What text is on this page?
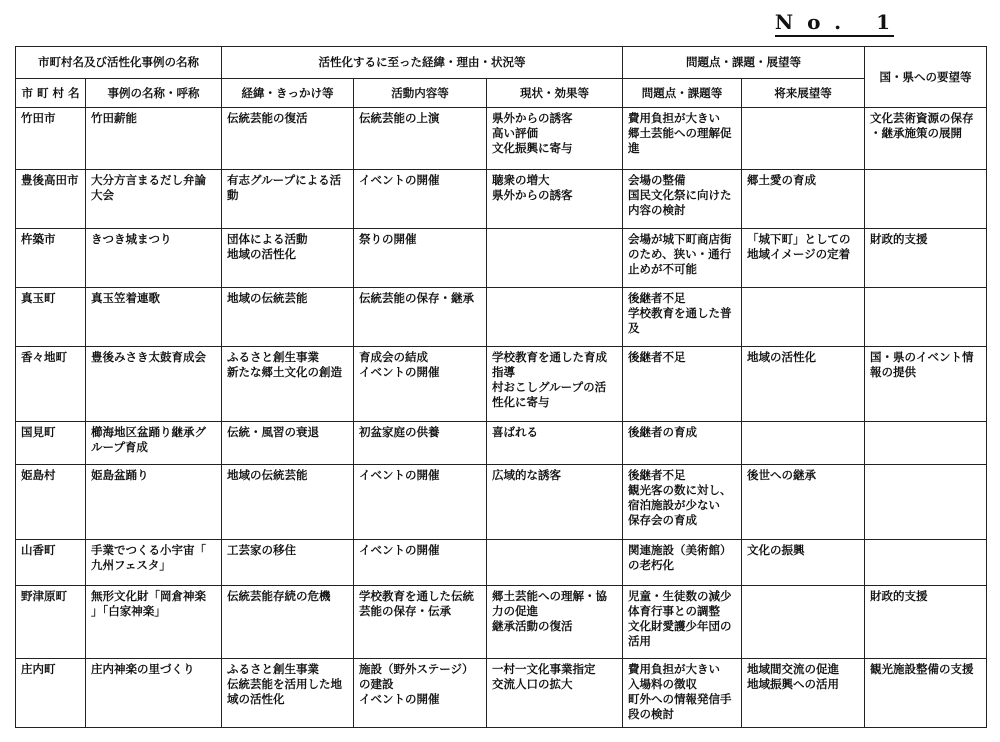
No. 1
市町村名及び活性化事例の名称		活性化するに至った経緯・理由・状況等			問題点・課題・展望等		国・県への要望等
市 町 村 名	事例の名称・呼称	経緯・きっかけ等	活動内容等	現状・効果等	問題点・課題等	将来展望等	

竹田市	竹田薪能	伝統芸能の復活	伝統芸能の上演	県外からの誘客
高い評価
文化振興に寄与	費用負担が大きい
郷土芸能への理解促
進		文化芸術資源の保存
・継承施策の展開

豊後高田市	大分方言まるだし弁論
大会	有志グループによる活
動	イベントの開催	聴衆の増大
県外からの誘客	会場の整備
国民文化祭に向けた
内容の検討	郷土愛の育成	

杵築市	きつき城まつり	団体による活動
地域の活性化	祭りの開催		会場が城下町商店街
のため、狭い・通行
止めが不可能	「城下町」としての
地域イメージの定着	財政的支援

真玉町	真玉笠着連歌	地域の伝統芸能	伝統芸能の保存・継承		後継者不足
学校教育を通した普
及		

香々地町	豊後みさき太鼓育成会	ふるさと創生事業
新たな郷土文化の創造	育成会の結成
イベントの開催	学校教育を通した育成
指導
村おこしグループの活
性化に寄与	後継者不足	地域の活性化	国・県のイベント情
報の提供

国見町	櫛海地区盆踊り継承グ
ループ育成	伝統・風習の衰退	初盆家庭の供養	喜ばれる	後継者の育成		

姫島村	姫島盆踊り	地域の伝統芸能	イベントの開催	広域的な誘客	後継者不足
観光客の数に対し、
宿泊施設が少ない
保存会の育成	後世への継承	

山香町	手業でつくる小宇宙「
九州フェスタ」	工芸家の移住	イベントの開催		関連施設（美術館）
の老朽化	文化の振興	

野津原町	無形文化財「岡倉神楽
」「白家神楽」	伝統芸能存続の危機	学校教育を通した伝統
芸能の保存・伝承	郷土芸能への理解・協
力の促進
継承活動の復活	児童・生徒数の減少
体育行事との調整
文化財愛護少年団の
活用		財政的支援

庄内町	庄内神楽の里づくり	ふるさと創生事業
伝統芸能を活用した地
域の活性化	施設（野外ステージ）
の建設
イベントの開催	一村一文化事業指定
交流人口の拡大	費用負担が大きい
入場料の徴収
町外への情報発信手
段の検討	地域間交流の促進
地域振興への活用	観光施設整備の支援
